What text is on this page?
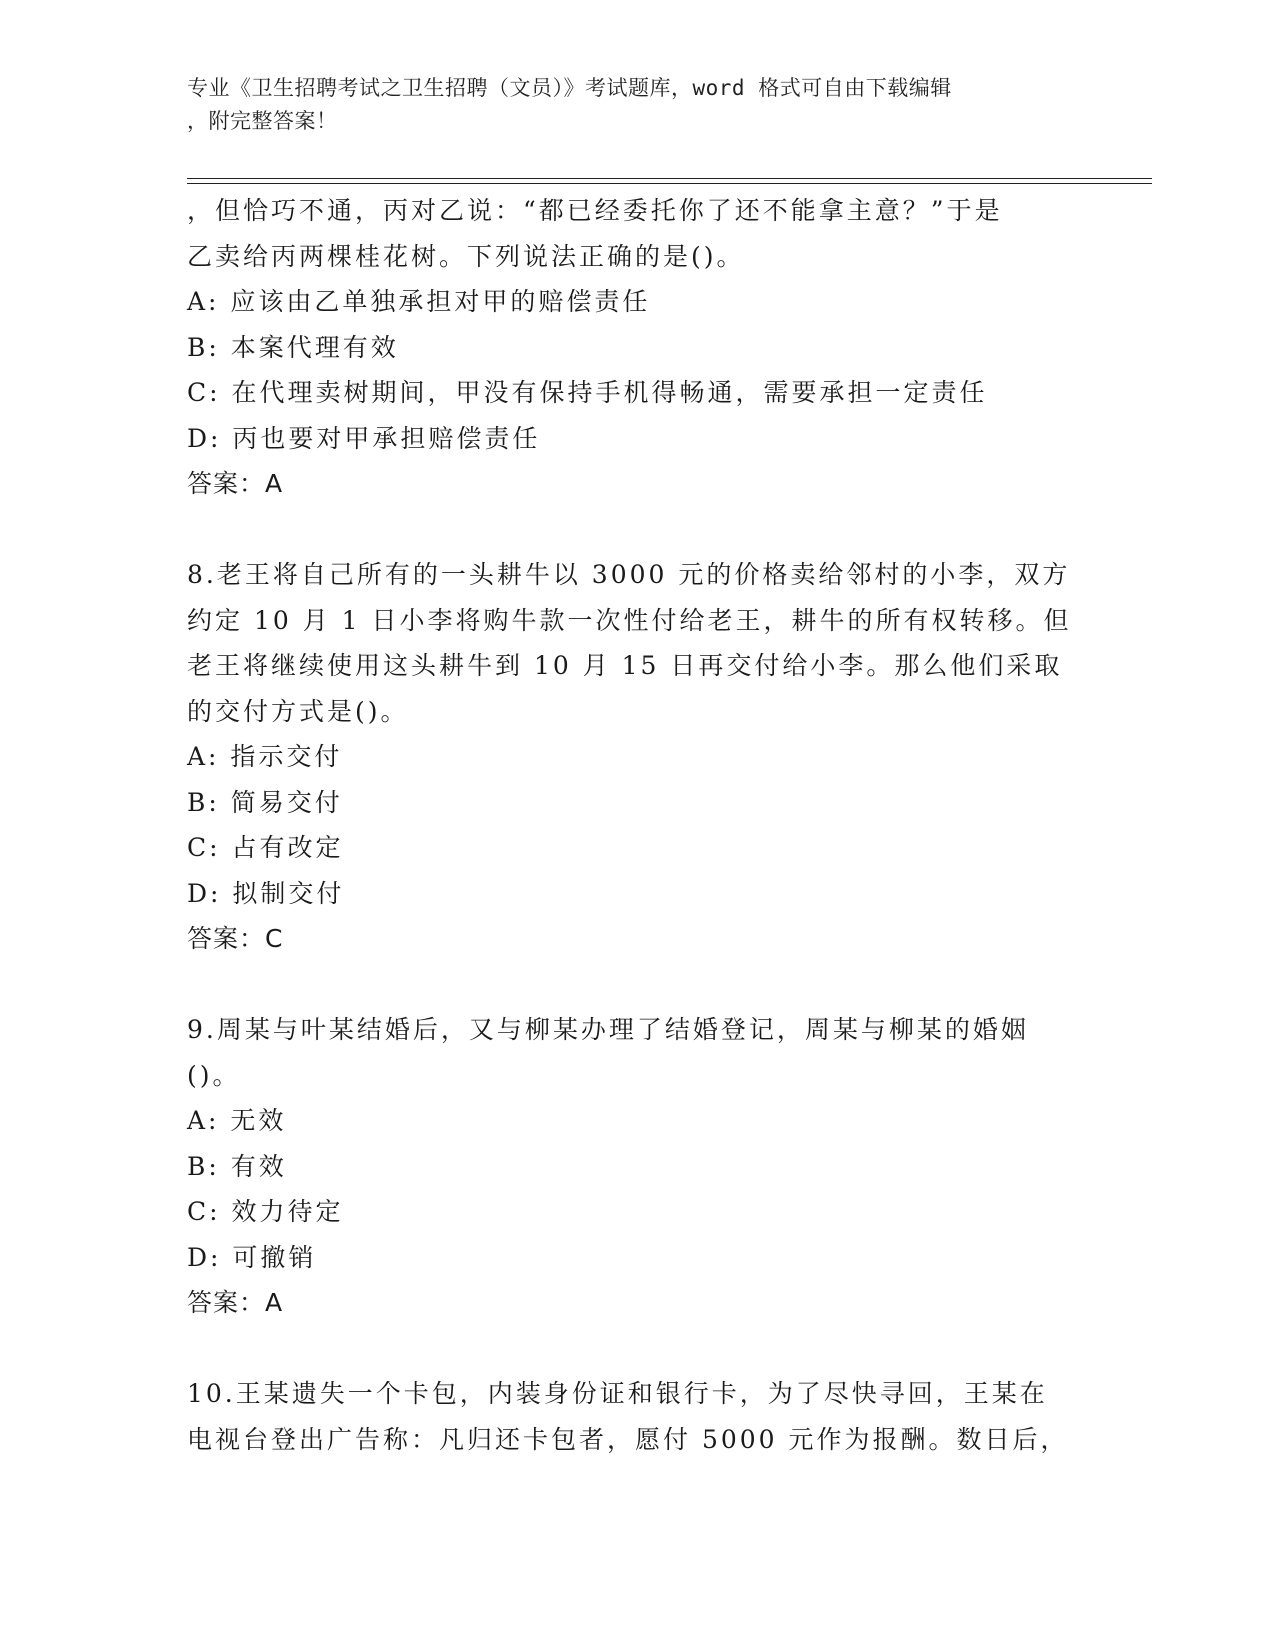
专业《卫生招聘考试之卫生招聘（文员）》考试题库，word 格式可自由下载编辑
，附完整答案！
，但恰巧不通，丙对乙说：“都已经委托你了还不能拿主意？”于是
乙卖给丙两棵桂花树。下列说法正确的是()。
A: 应该由乙单独承担对甲的赔偿责任
B: 本案代理有效
C: 在代理卖树期间，甲没有保持手机得畅通，需要承担一定责任
D: 丙也要对甲承担赔偿责任
答案：A
8.老王将自己所有的一头耕牛以 3000 元的价格卖给邻村的小李，双方
约定 10 月 1 日小李将购牛款一次性付给老王，耕牛的所有权转移。但
老王将继续使用这头耕牛到 10 月 15 日再交付给小李。那么他们采取
的交付方式是()。
A: 指示交付
B: 简易交付
C: 占有改定
D: 拟制交付
答案：C
9.周某与叶某结婚后，又与柳某办理了结婚登记，周某与柳某的婚姻
()。
A: 无效
B: 有效
C: 效力待定
D: 可撤销
答案：A
10.王某遗失一个卡包，内装身份证和银行卡，为了尽快寻回，王某在
电视台登出广告称：凡归还卡包者，愿付 5000 元作为报酬。数日后，
